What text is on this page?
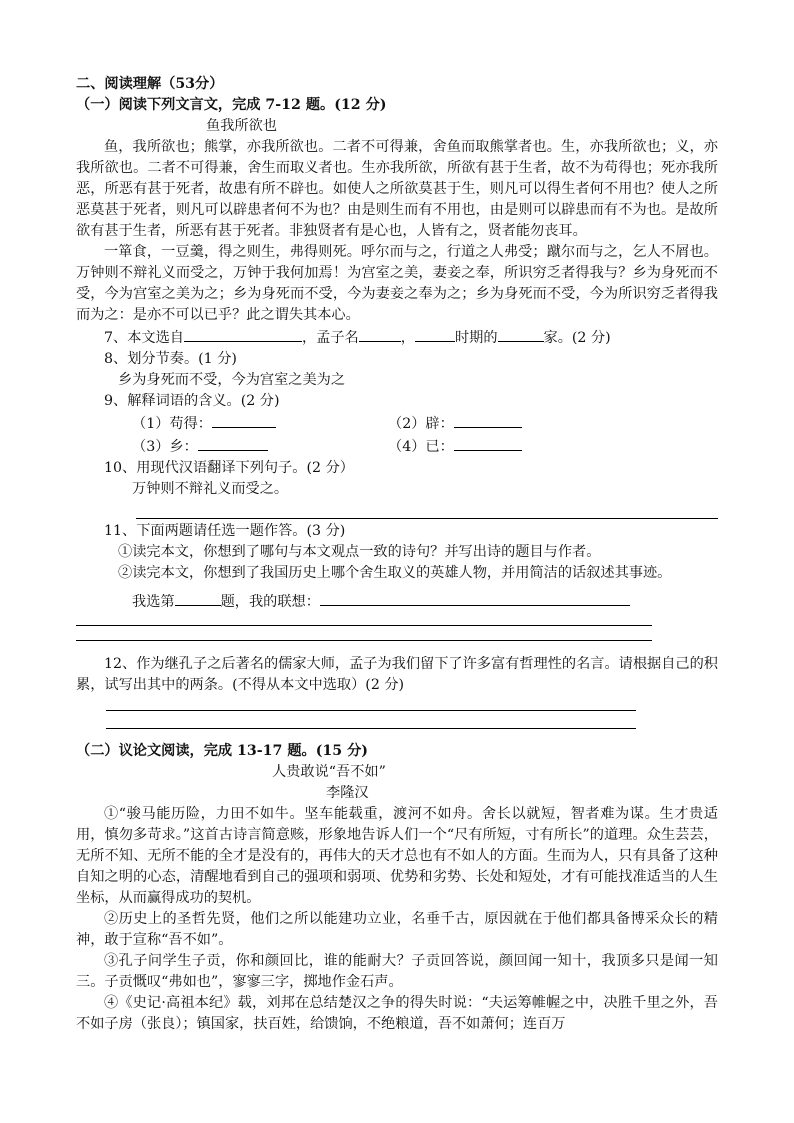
二、阅读理解（53分）

（一）阅读下列文言文，完成 7-12 题。(12 分)

鱼我所欲也

鱼，我所欲也；熊掌，亦我所欲也。二者不可得兼，舍鱼而取熊掌者也。生，亦我所欲也；义，亦我所欲也。二者不可得兼，舍生而取义者也。生亦我所欲，所欲有甚于生者，故不为苟得也；死亦我所恶，所恶有甚于死者，故患有所不辟也。如使人之所欲莫甚于生，则凡可以得生者何不用也？使人之所恶莫甚于死者，则凡可以辟患者何不为也？由是则生而有不用也，由是则可以辟患而有不为也。是故所欲有甚于生者，所恶有甚于死者。非独贤者有是心也，人皆有之，贤者能勿丧耳。

一箪食，一豆羹，得之则生，弗得则死。呼尔而与之，行道之人弗受；蹴尔而与之，乞人不屑也。万钟则不辩礼义而受之，万钟于我何加焉！为宫室之美，妻妾之奉，所识穷乏者得我与？乡为身死而不受，今为宫室之美为之；乡为身死而不受，今为妻妾之奉为之；乡为身死而不受，今为所识穷乏者得我而为之：是亦不可以已乎？此之谓失其本心。

7、本文选自	，孟子名	，	时期的	家。(2 分)

8、划分节奏。(1 分)

乡为身死而不受，今为宫室之美为之

9、解释词语的含义。(2 分)

（1）苟得：	（2）辟：
（3）乡：	（4）已：

10、用现代汉语翻译下列句子。(2 分）

万钟则不辩礼义而受之。

11、下面两题请任选一题作答。(3 分)

①读完本文，你想到了哪句与本文观点一致的诗句？并写出诗的题目与作者。

②读完本文，你想到了我国历史上哪个舍生取义的英雄人物，并用简洁的话叙述其事迹。

我选第	题，我的联想：

12、作为继孔子之后著名的儒家大师，孟子为我们留下了许多富有哲理性的名言。请根据自己的积累，试写出其中的两条。(不得从本文中选取）(2 分)

（二）议论文阅读，完成 13-17 题。(15 分)

人贵敢说“吾不如”

李隆汉

①“骏马能历险，力田不如牛。坚车能载重，渡河不如舟。舍长以就短，智者难为谋。生才贵适用，慎勿多苛求。”这首古诗言简意赅，形象地告诉人们一个“尺有所短，寸有所长”的道理。众生芸芸，无所不知、无所不能的全才是没有的，再伟大的天才总也有不如人的方面。生而为人，只有具备了这种自知之明的心态，清醒地看到自己的强项和弱项、优势和劣势、长处和短处，才有可能找准适当的人生坐标，从而赢得成功的契机。

②历史上的圣哲先贤，他们之所以能建功立业，名垂千古，原因就在于他们都具备博采众长的精神，敢于宣称“吾不如”。

③孔子问学生子贡，你和颜回比，谁的能耐大？子贡回答说，颜回闻一知十，我顶多只是闻一知三。子贡慨叹“弗如也”，寥寥三字，掷地作金石声。

④《史记·高祖本纪》载，刘邦在总结楚汉之争的得失时说：“夫运筹帷幄之中，决胜千里之外，吾不如子房（张良）；镇国家，扶百姓，给馈饷，不绝粮道，吾不如萧何；连百万
